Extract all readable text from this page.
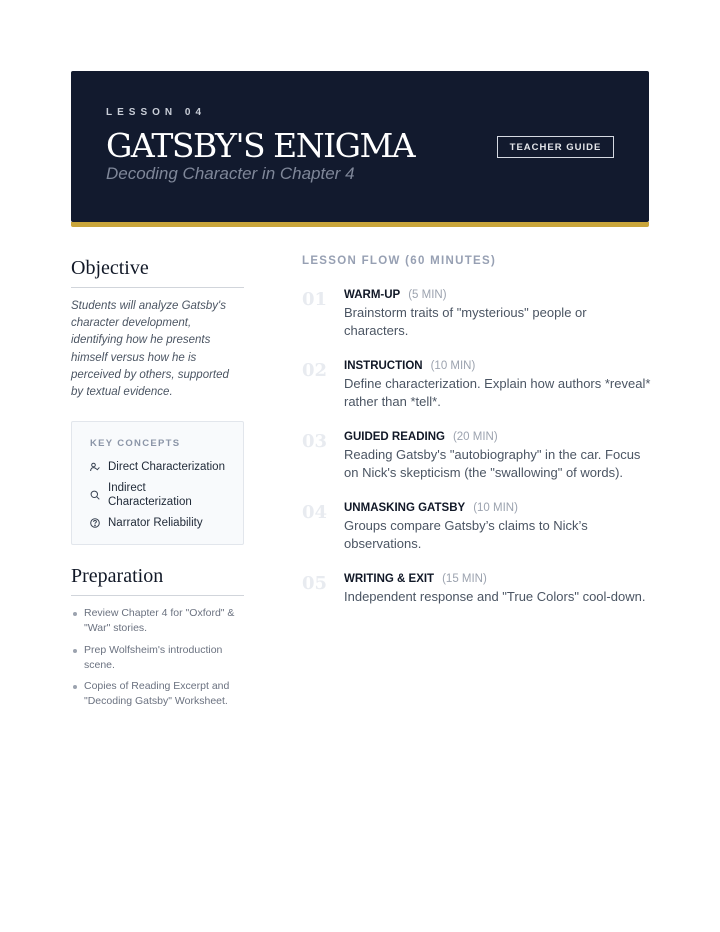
LESSON 04
GATSBY'S ENIGMA
Decoding Character in Chapter 4
TEACHER GUIDE
Objective

Students will analyze Gatsby's character development, identifying how he presents himself versus how he is perceived by others, supported by textual evidence.

KEY CONCEPTS
Direct Characterization
Indirect Characterization
Narrator Reliability
Preparation
Review Chapter 4 for "Oxford" & "War" stories.
Prep Wolfsheim's introduction scene.
Copies of Reading Excerpt and "Decoding Gatsby" Worksheet.
LESSON FLOW (60 MINUTES)
01 WARM-UP (5 MIN)
Brainstorm traits of "mysterious" people or characters.
02 INSTRUCTION (10 MIN)
Define characterization. Explain how authors *reveal* rather than *tell*.
03 GUIDED READING (20 MIN)
Reading Gatsby's "autobiography" in the car. Focus on Nick's skepticism (the "swallowing" of words).
04 UNMASKING GATSBY (10 MIN)
Groups compare Gatsby’s claims to Nick’s observations.
05 WRITING & EXIT (15 MIN)
Independent response and "True Colors" cool-down.
